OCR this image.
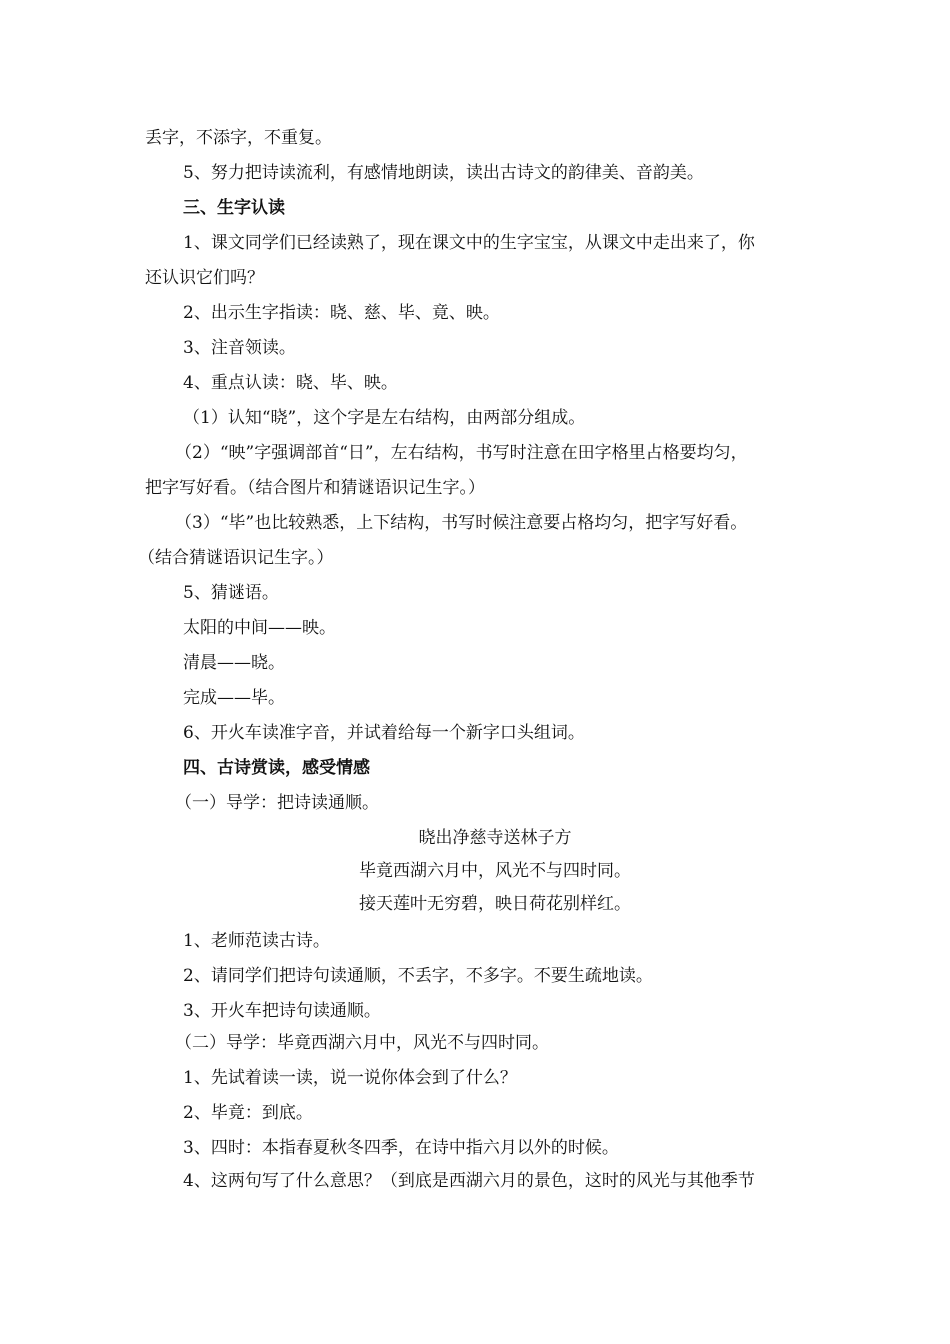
丢字，不添字，不重复。
5、努力把诗读流利，有感情地朗读，读出古诗文的韵律美、音韵美。
三、生字认读
1、课文同学们已经读熟了，现在课文中的生字宝宝，从课文中走出来了，你
还认识它们吗？
2、出示生字指读：晓、慈、毕、竟、映。
3、注音领读。
4、重点认读：晓、毕、映。
（1）认知“晓”，这个字是左右结构，由两部分组成。
（2）“映”字强调部首“日”，左右结构，书写时注意在田字格里占格要均匀，
把字写好看。（结合图片和猜谜语识记生字。）
（3）“毕”也比较熟悉，上下结构，书写时候注意要占格均匀，把字写好看。
（结合猜谜语识记生字。）
5、猜谜语。
太阳的中间——映。
清晨——晓。
完成——毕。
6、开火车读准字音，并试着给每一个新字口头组词。
四、古诗赏读，感受情感
（一）导学：把诗读通顺。
晓出净慈寺送林子方
毕竟西湖六月中，风光不与四时同。
接天莲叶无穷碧，映日荷花别样红。
1、老师范读古诗。
2、请同学们把诗句读通顺，不丢字，不多字。不要生疏地读。
3、开火车把诗句读通顺。
（二）导学：毕竟西湖六月中，风光不与四时同。
1、先试着读一读，说一说你体会到了什么？
2、毕竟：到底。
3、四时：本指春夏秋冬四季，在诗中指六月以外的时候。
4、这两句写了什么意思？（到底是西湖六月的景色，这时的风光与其他季节
